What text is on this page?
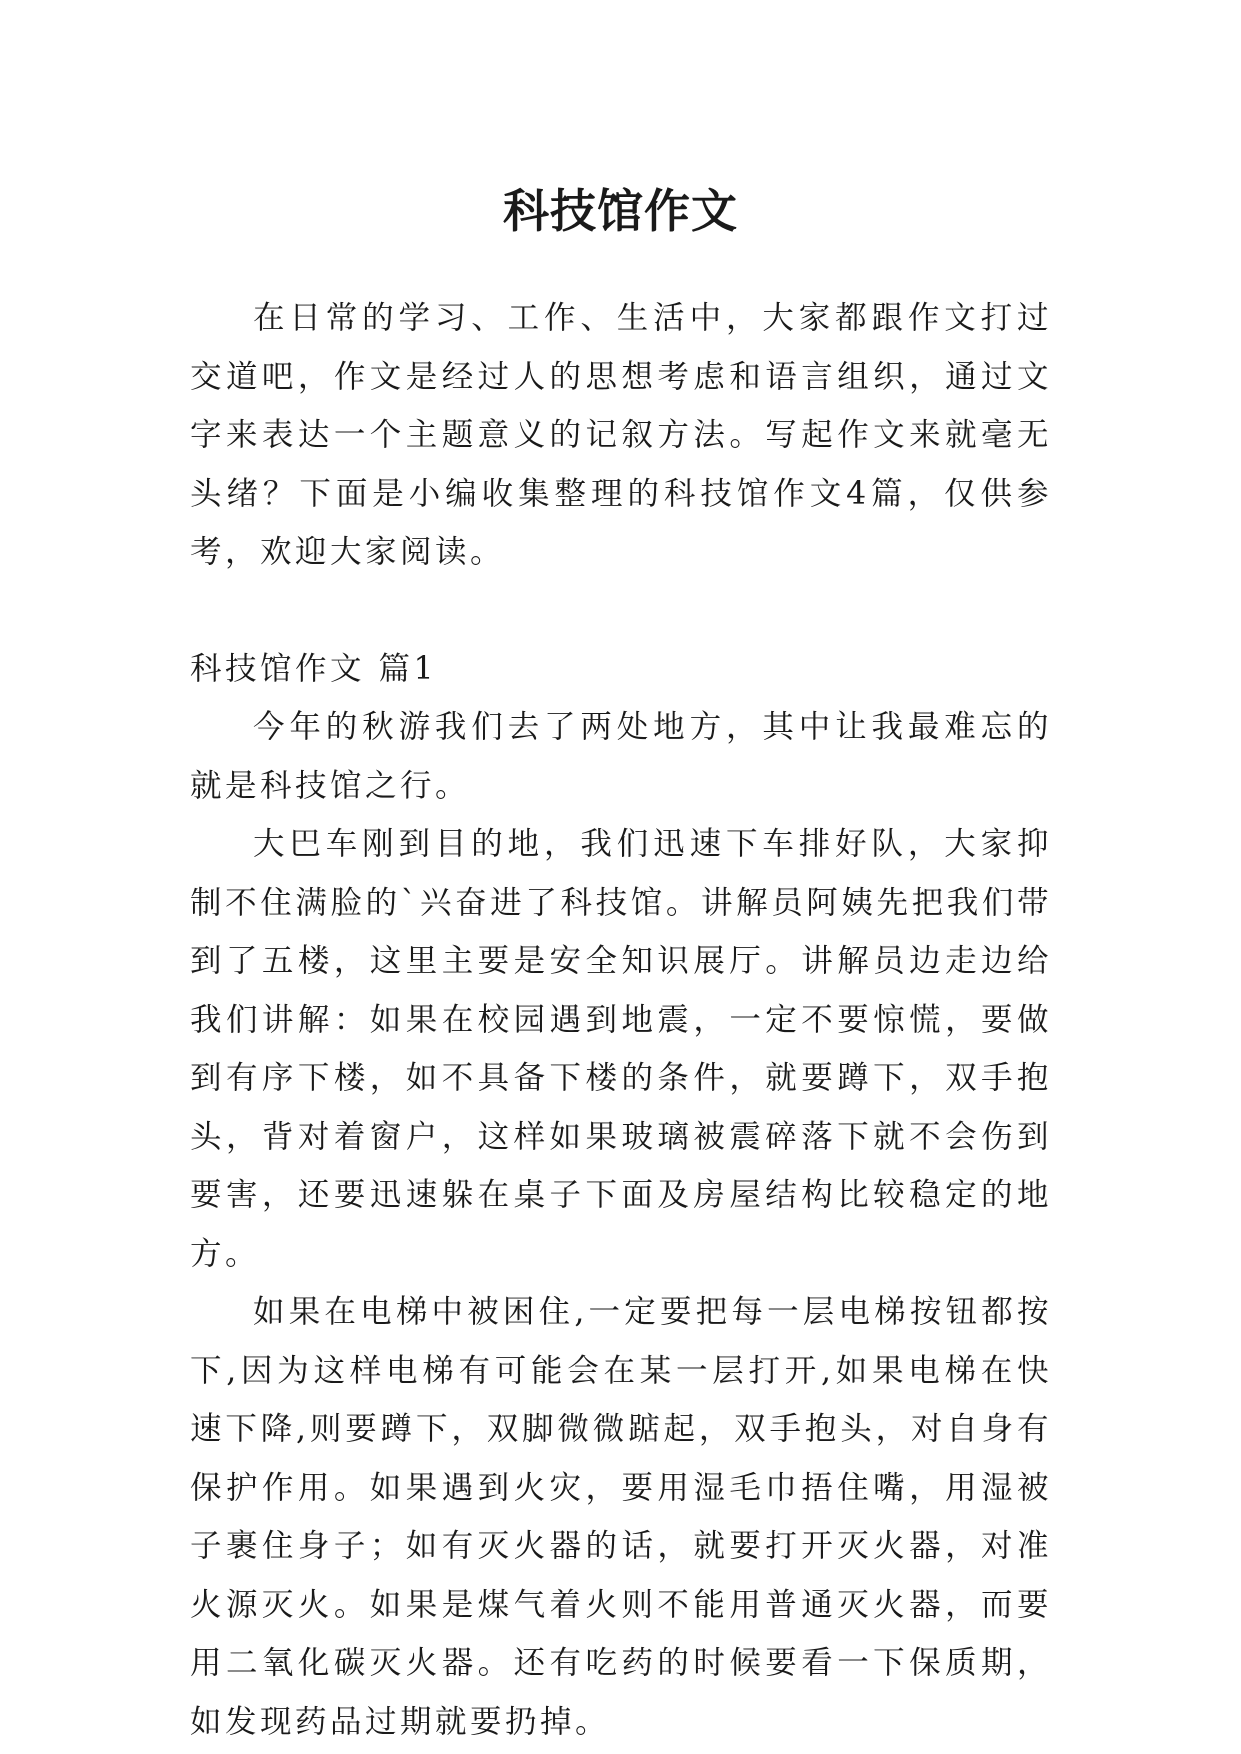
科技馆作文

在日常的学习、工作、生活中，大家都跟作文打过交道吧，作文是经过人的思想考虑和语言组织，通过文字来表达一个主题意义的记叙方法。写起作文来就毫无头绪？下面是小编收集整理的科技馆作文4篇，仅供参考，欢迎大家阅读。

科技馆作文 篇1

今年的秋游我们去了两处地方，其中让我最难忘的就是科技馆之行。

大巴车刚到目的地，我们迅速下车排好队，大家抑制不住满脸的`兴奋进了科技馆。讲解员阿姨先把我们带到了五楼，这里主要是安全知识展厅。讲解员边走边给我们讲解：如果在校园遇到地震，一定不要惊慌，要做到有序下楼，如不具备下楼的条件，就要蹲下，双手抱头，背对着窗户，这样如果玻璃被震碎落下就不会伤到要害，还要迅速躲在桌子下面及房屋结构比较稳定的地方。

如果在电梯中被困住,一定要把每一层电梯按钮都按下,因为这样电梯有可能会在某一层打开,如果电梯在快速下降,则要蹲下，双脚微微踮起，双手抱头，对自身有保护作用。如果遇到火灾，要用湿毛巾捂住嘴，用湿被子裹住身子；如有灭火器的话，就要打开灭火器，对准火源灭火。如果是煤气着火则不能用普通灭火器，而要用二氧化碳灭火器。还有吃药的时候要看一下保质期，如发现药品过期就要扔掉。
